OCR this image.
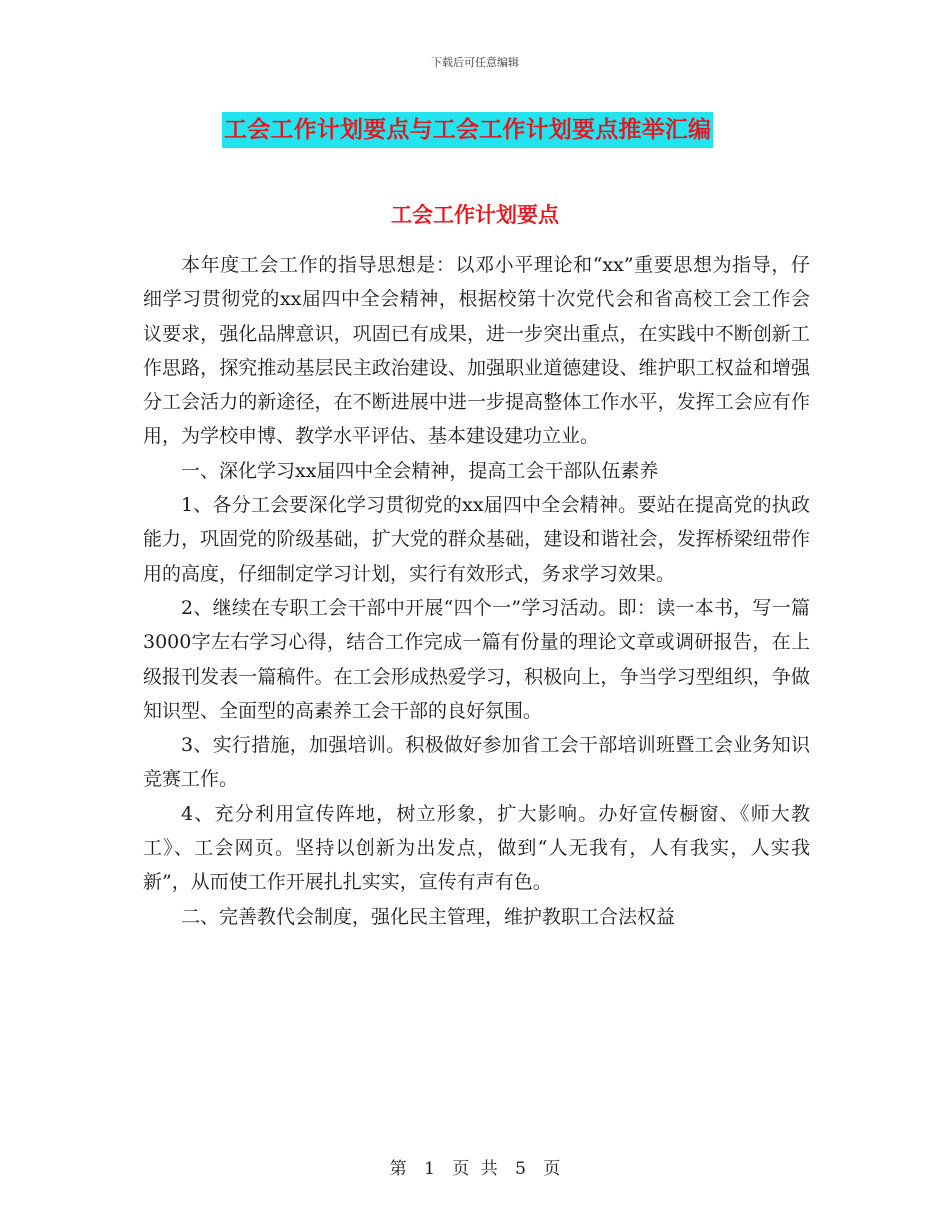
下载后可任意编辑
工会工作计划要点与工会工作计划要点推举汇编
工会工作计划要点

本年度工会工作的指导思想是：以邓小平理论和“xx”重要思想为指导，仔细学习贯彻党的xx届四中全会精神，根据校第十次党代会和省高校工会工作会议要求，强化品牌意识，巩固已有成果，进一步突出重点，在实践中不断创新工作思路，探究推动基层民主政治建设、加强职业道德建设、维护职工权益和增强分工会活力的新途径，在不断进展中进一步提高整体工作水平，发挥工会应有作用，为学校申博、教学水平评估、基本建设建功立业。

一、深化学习xx届四中全会精神，提高工会干部队伍素养

1、各分工会要深化学习贯彻党的xx届四中全会精神。要站在提高党的执政能力，巩固党的阶级基础，扩大党的群众基础，建设和谐社会，发挥桥梁纽带作用的高度，仔细制定学习计划，实行有效形式，务求学习效果。

2、继续在专职工会干部中开展“四个一”学习活动。即：读一本书，写一篇3000字左右学习心得，结合工作完成一篇有份量的理论文章或调研报告，在上级报刊发表一篇稿件。在工会形成热爱学习，积极向上，争当学习型组织，争做知识型、全面型的高素养工会干部的良好氛围。

3、实行措施，加强培训。积极做好参加省工会干部培训班暨工会业务知识竞赛工作。

4、充分利用宣传阵地，树立形象，扩大影响。办好宣传橱窗、《师大教工》、工会网页。坚持以创新为出发点，做到“人无我有，人有我实，人实我新”，从而使工作开展扎扎实实，宣传有声有色。

二、完善教代会制度，强化民主管理，维护教职工合法权益

第 1 页 共 5 页
